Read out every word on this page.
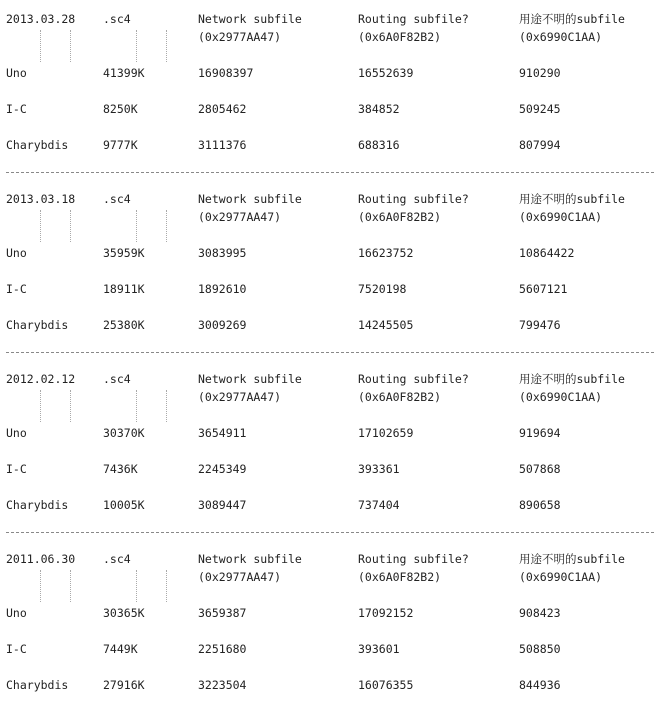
2013.03.28 .sc4	Network subfile	Routing subfile?	用途不明的subfile
(0x2977AA47)	(0x6A0F82B2)	(0x6990C1AA)
Uno	41399K	16908397	16552639	910290
I-C	8250K	2805462	384852	509245
Charybdis	9777K	3111376	688316	807994
2013.03.18 .sc4	Network subfile	Routing subfile?	用途不明的subfile
(0x2977AA47)	(0x6A0F82B2)	(0x6990C1AA)
Uno	35959K	3083995	16623752	10864422
I-C	18911K	1892610	7520198	5607121
Charybdis	25380K	3009269	14245505	799476
2012.02.12 .sc4	Network subfile	Routing subfile?	用途不明的subfile
(0x2977AA47)	(0x6A0F82B2)	(0x6990C1AA)
Uno	30370K	3654911	17102659	919694
I-C	7436K	2245349	393361	507868
Charybdis	10005K	3089447	737404	890658
2011.06.30 .sc4	Network subfile	Routing subfile?	用途不明的subfile
(0x2977AA47)	(0x6A0F82B2)	(0x6990C1AA)
Uno	30365K	3659387	17092152	908423
I-C	7449K	2251680	393601	508850
Charybdis	27916K	3223504	16076355	844936
